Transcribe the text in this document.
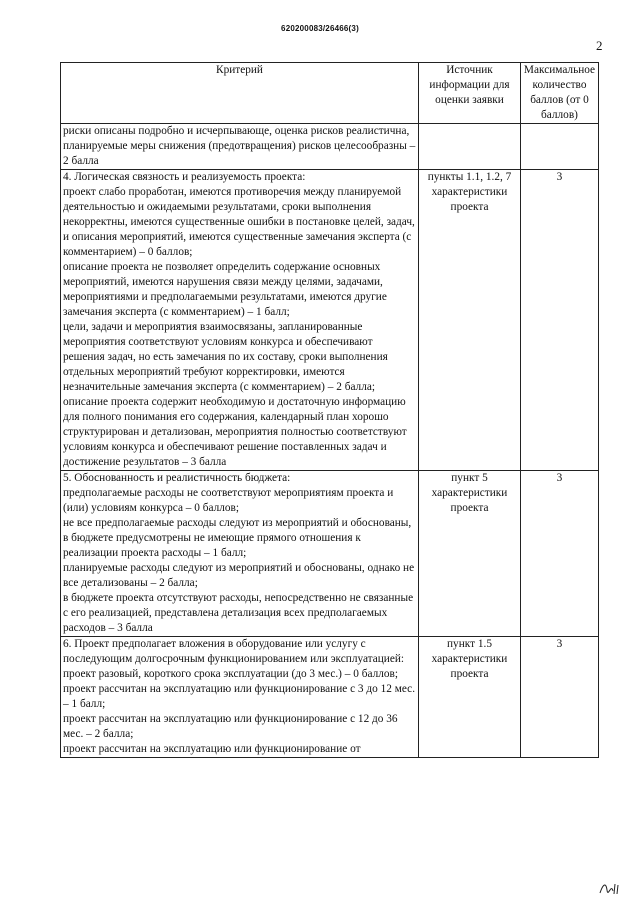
620200083/26466(3)
2
Критерий	Источник информации для оценки заявки	Максимальное количество баллов (от 0 баллов)

риски описаны подробно и исчерпывающе, оценка рисков реалистична, планируемые меры снижения (предотвращения) рисков целесообразны – 2 балла		

4. Логическая связность и реализуемость проекта:

проект слабо проработан, имеются противоречия между планируемой деятельностью и ожидаемыми результатами, сроки выполнения некорректны, имеются существенные ошибки в постановке целей, задач, и описания мероприятий, имеются существенные замечания эксперта (с комментарием) – 0 баллов;

описание проекта не позволяет определить содержание основных мероприятий, имеются нарушения связи между целями, задачами, мероприятиями и предполагаемыми результатами, имеются другие замечания эксперта (с комментарием) – 1 балл;

цели, задачи и мероприятия взаимосвязаны, запланированные мероприятия соответствуют условиям конкурса и обеспечивают решения задач, но есть замечания по их составу, сроки выполнения отдельных мероприятий требуют корректировки, имеются незначительные замечания эксперта (с комментарием) – 2 балла;

описание проекта содержит необходимую и достаточную информацию для полного понимания его содержания, календарный план хорошо структурирован и детализован, мероприятия полностью соответствуют условиям конкурса и обеспечивают решение поставленных задач и достижение результатов – 3 балла	пункты 1.1, 1.2, 7 характеристики проекта	3

5. Обоснованность и реалистичность бюджета:

предполагаемые расходы не соответствуют мероприятиям проекта и (или) условиям конкурса – 0 баллов;

не все предполагаемые расходы следуют из мероприятий и обоснованы, в бюджете предусмотрены не имеющие прямого отношения к реализации проекта расходы – 1 балл;

планируемые расходы следуют из мероприятий и обоснованы, однако не все детализованы – 2 балла;

в бюджете проекта отсутствуют расходы, непосредственно не связанные с его реализацией, представлена детализация всех предполагаемых расходов – 3 балла	пункт 5 характеристики проекта	3

6. Проект предполагает вложения в оборудование или услугу с последующим долгосрочным функционированием или эксплуатацией:

проект разовый, короткого срока эксплуатации (до 3 мес.) – 0 баллов;

проект рассчитан на эксплуатацию или функционирование с 3 до 12 мес. – 1 балл;

проект рассчитан на эксплуатацию или функционирование с 12 до 36 мес. – 2 балла;

проект рассчитан на эксплуатацию или функционирование от	пункт 1.5 характеристики проекта	3
